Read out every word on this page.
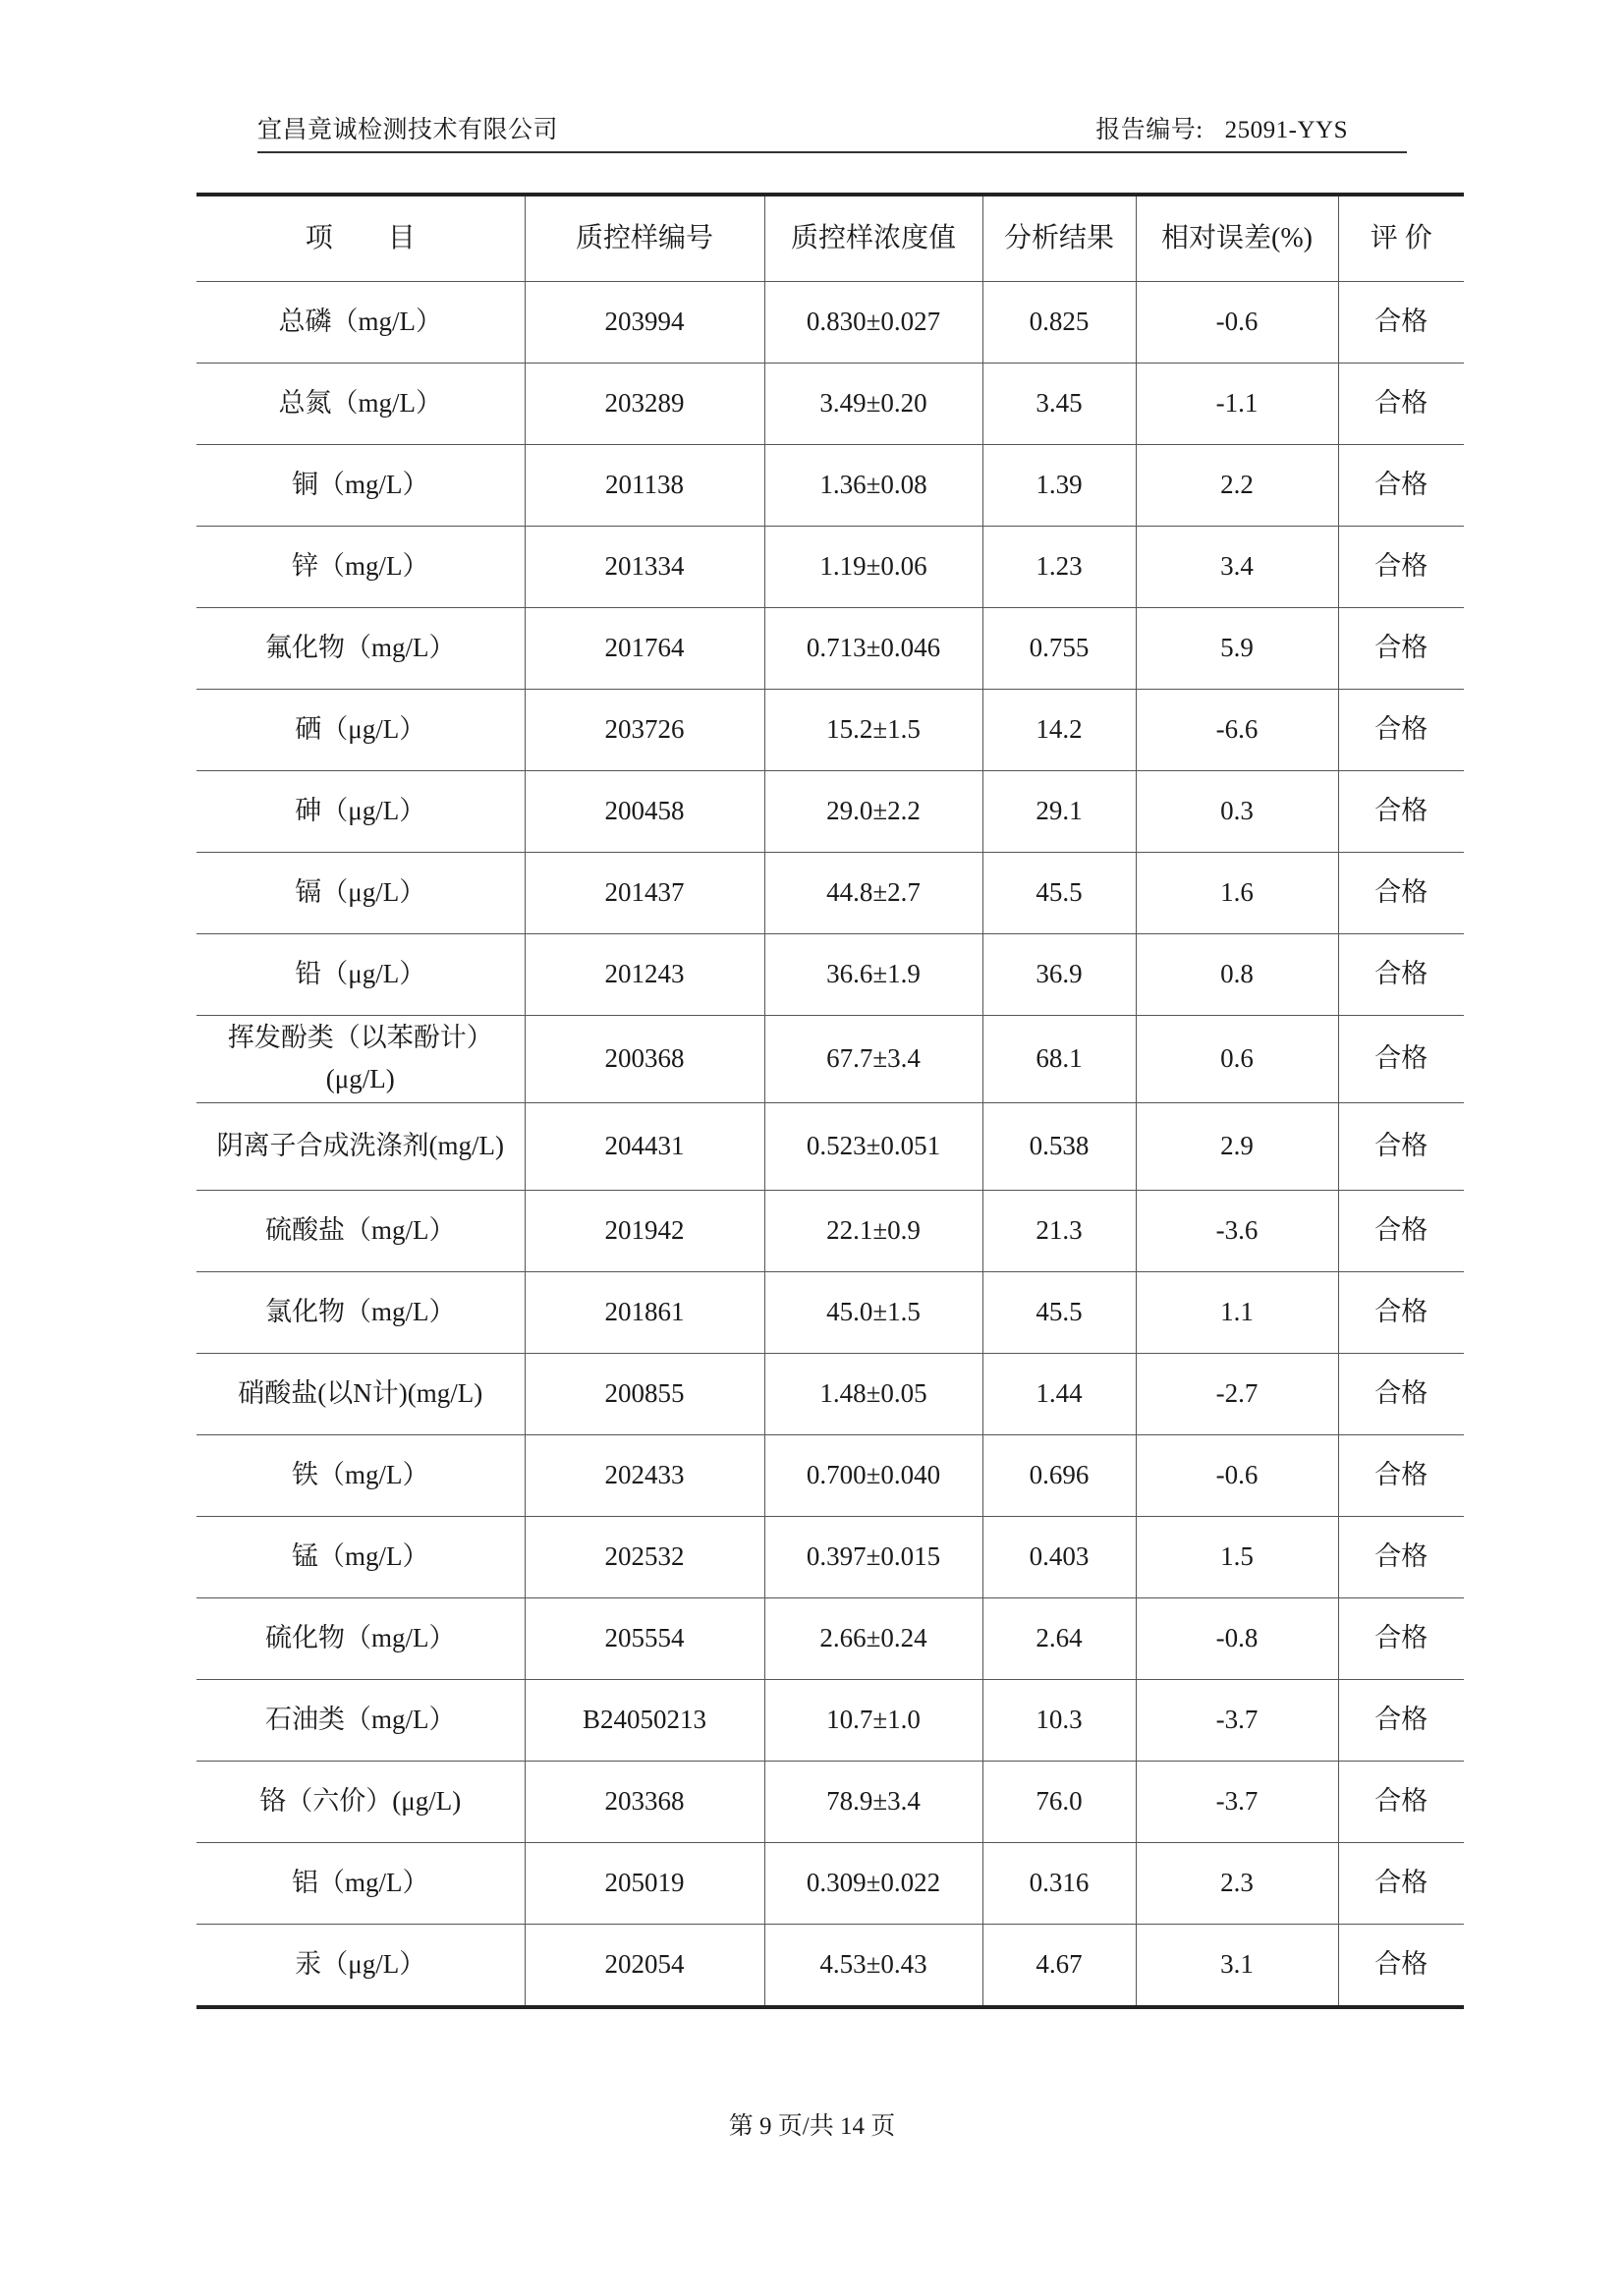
宜昌竟诚检测技术有限公司	报告编号: 25091-YYS
项　　目	质控样编号	质控样浓度值	分析结果	相对误差(%)	评 价
总磷（mg/L）	203994	0.830±0.027	0.825	-0.6	合格
总氮（mg/L）	203289	3.49±0.20	3.45	-1.1	合格
铜（mg/L）	201138	1.36±0.08	1.39	2.2	合格
锌（mg/L）	201334	1.19±0.06	1.23	3.4	合格
氟化物（mg/L）	201764	0.713±0.046	0.755	5.9	合格
硒（μg/L）	203726	15.2±1.5	14.2	-6.6	合格
砷（μg/L）	200458	29.0±2.2	29.1	0.3	合格
镉（μg/L）	201437	44.8±2.7	45.5	1.6	合格
铅（μg/L）	201243	36.6±1.9	36.9	0.8	合格
挥发酚类（以苯酚计）(μg/L)	200368	67.7±3.4	68.1	0.6	合格
阴离子合成洗涤剂(mg/L)	204431	0.523±0.051	0.538	2.9	合格
硫酸盐（mg/L）	201942	22.1±0.9	21.3	-3.6	合格
氯化物（mg/L）	201861	45.0±1.5	45.5	1.1	合格
硝酸盐(以N计)(mg/L)	200855	1.48±0.05	1.44	-2.7	合格
铁（mg/L）	202433	0.700±0.040	0.696	-0.6	合格
锰（mg/L）	202532	0.397±0.015	0.403	1.5	合格
硫化物（mg/L）	205554	2.66±0.24	2.64	-0.8	合格
石油类（mg/L）	B24050213	10.7±1.0	10.3	-3.7	合格
铬（六价）(μg/L)	203368	78.9±3.4	76.0	-3.7	合格
铝（mg/L）	205019	0.309±0.022	0.316	2.3	合格
汞（μg/L）	202054	4.53±0.43	4.67	3.1	合格
第 9 页/共 14 页
